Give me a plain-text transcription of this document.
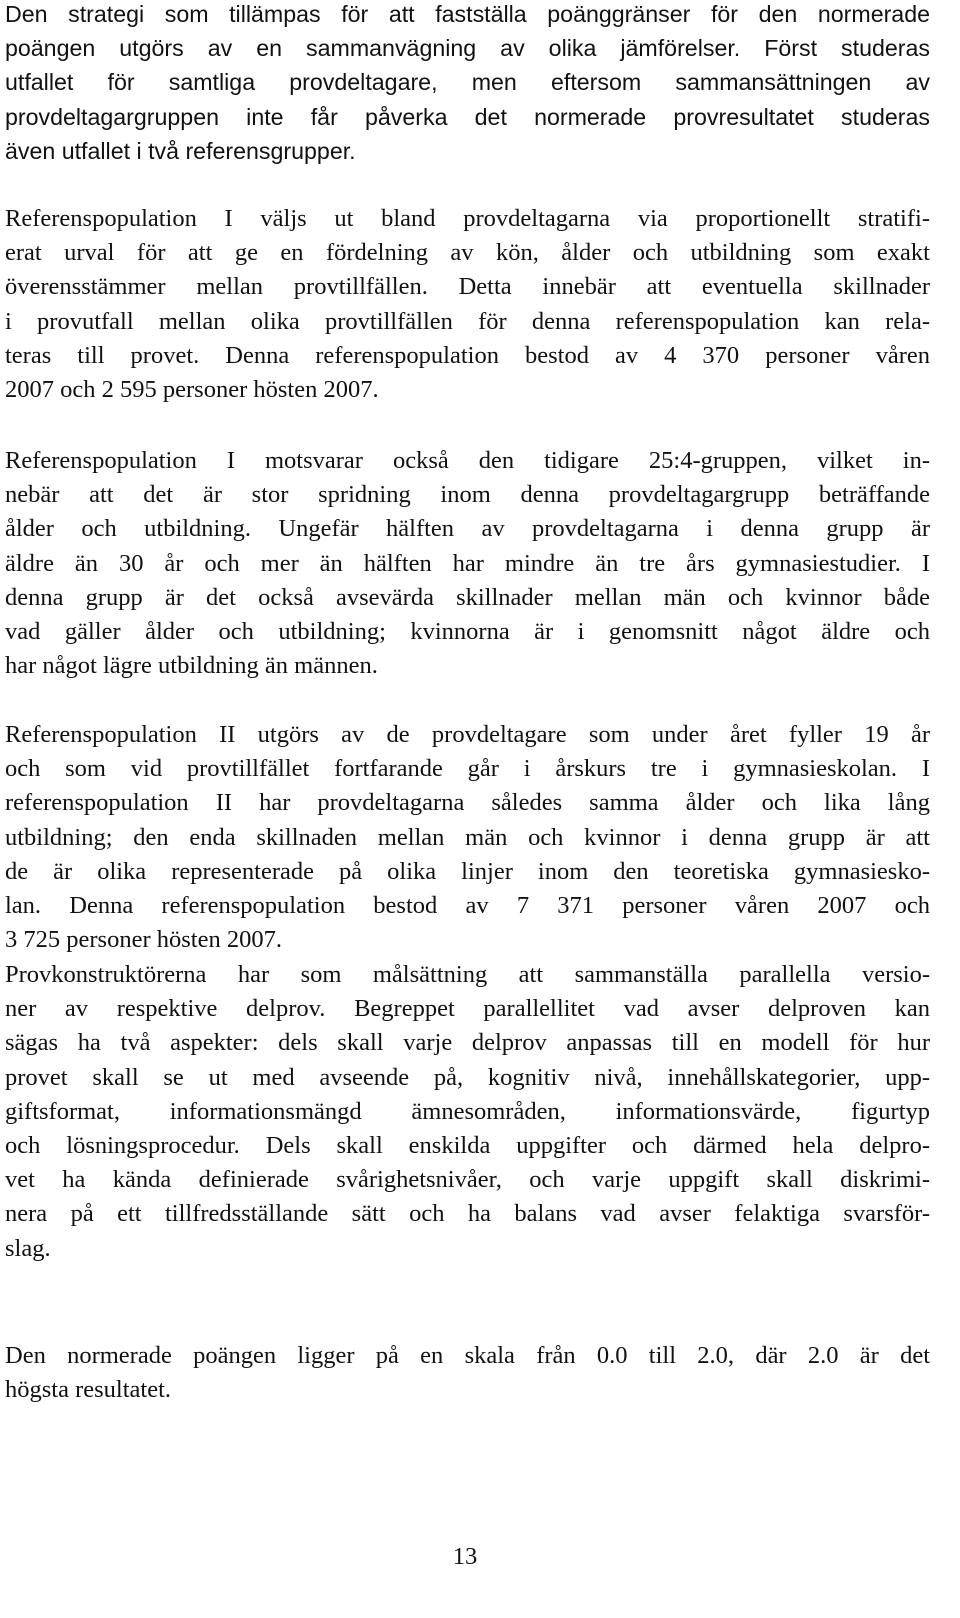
Den strategi som tillämpas för att fastställa poänggränser för den normerade
poängen utgörs av en sammanvägning av olika jämförelser. Först studeras
utfallet för samtliga provdeltagare, men eftersom sammansättningen av
provdeltagargruppen inte får påverka det normerade provresultatet studeras
även utfallet i två referensgrupper.

Referenspopulation I väljs ut bland provdeltagarna via proportionellt stratifi-
erat urval för att ge en fördelning av kön, ålder och utbildning som exakt
överensstämmer mellan provtillfällen. Detta innebär att eventuella skillnader
i provutfall mellan olika provtillfällen för denna referenspopulation kan rela-
teras till provet. Denna referenspopulation bestod av 4 370 personer våren
2007 och 2 595 personer hösten 2007.

Referenspopulation I motsvarar också den tidigare 25:4-gruppen, vilket in-
nebär att det är stor spridning inom denna provdeltagargrupp beträffande
ålder och utbildning. Ungefär hälften av provdeltagarna i denna grupp är
äldre än 30 år och mer än hälften har mindre än tre års gymnasiestudier. I
denna grupp är det också avsevärda skillnader mellan män och kvinnor både
vad gäller ålder och utbildning; kvinnorna är i genomsnitt något äldre och
har något lägre utbildning än männen.

Referenspopulation II utgörs av de provdeltagare som under året fyller 19 år
och som vid provtillfället fortfarande går i årskurs tre i gymnasieskolan. I
referenspopulation II har provdeltagarna således samma ålder och lika lång
utbildning; den enda skillnaden mellan män och kvinnor i denna grupp är att
de är olika representerade på olika linjer inom den teoretiska gymnasiesko-
lan. Denna referenspopulation bestod av 7 371 personer våren 2007 och
3 725 personer hösten 2007.

Provkonstruktörerna har som målsättning att sammanställa parallella versio-
ner av respektive delprov. Begreppet parallellitet vad avser delproven kan
sägas ha två aspekter: dels skall varje delprov anpassas till en modell för hur
provet skall se ut med avseende på, kognitiv nivå, innehållskategorier, upp-
giftsformat, informationsmängd ämnesområden, informationsvärde, figurtyp
och lösningsprocedur. Dels skall enskilda uppgifter och därmed hela delpro-
vet ha kända definierade svårighetsnivåer, och varje uppgift skall diskrimi-
nera på ett tillfredsställande sätt och ha balans vad avser felaktiga svarsför-
slag.

Den normerade poängen ligger på en skala från 0.0 till 2.0, där 2.0 är det
högsta resultatet.

13
